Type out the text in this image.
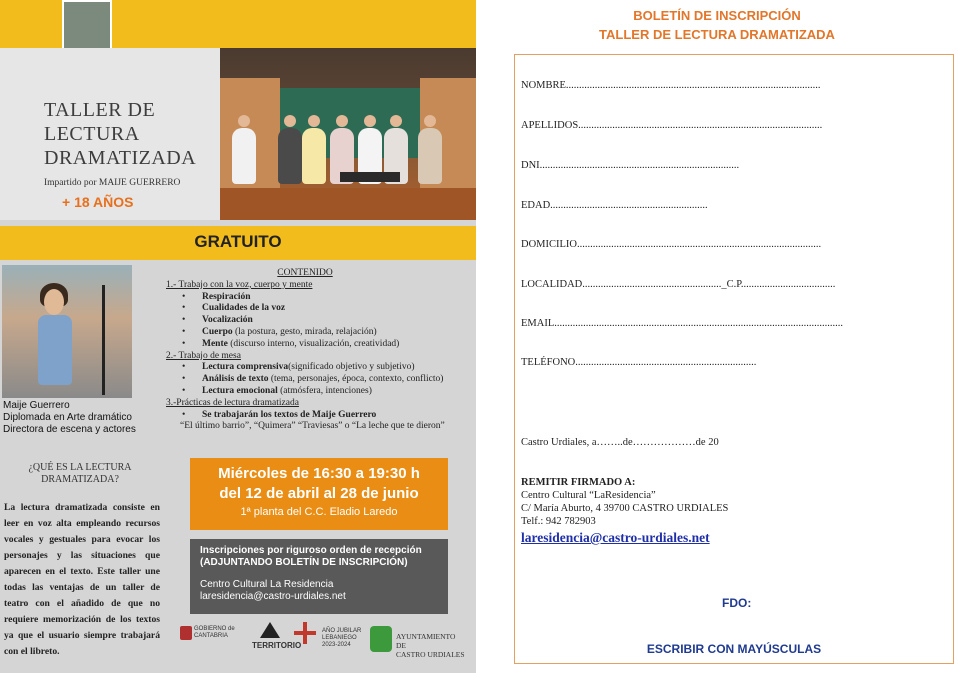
TALLER DE
LECTURA
DRAMATIZADA
Impartido por MAIJE GUERRERO
+ 18 AÑOS
GRATUITO
Maije Guerrero
Diplomada en Arte dramático
Directora de escena y actores
CONTENIDO
1.- Trabajo con la voz, cuerpo y mente
• Respiración
• Cualidades de la voz
• Vocalización
• Cuerpo (la postura, gesto, mirada, relajación)
• Mente (discurso interno, visualización, creatividad)
2.- Trabajo de mesa
• Lectura comprensiva(significado objetivo y subjetivo)
• Análisis de texto (tema, personajes, época, contexto, conflicto)
• Lectura emocional (atmósfera, intenciones)
3.-Prácticas de lectura dramatizada
• Se trabajarán los textos de Maije Guerrero
“El último barrio”, “Quimera” “Traviesas” o “La leche que te dieron”
¿QUÉ ES LA LECTURA DRAMATIZADA?
La lectura dramatizada consiste en leer en voz alta empleando recursos vocales y gestuales para evocar los personajes y las situaciones que aparecen en el texto. Este taller une todas las ventajas de un taller de teatro con el añadido de que no requiere memorización de los textos ya que el usuario siempre trabajará con el libreto.
Miércoles de 16:30 a 19:30 h
del 12 de abril al 28 de junio
1ª planta del C.C. Eladio Laredo
Inscripciones por riguroso orden de recepción
(ADJUNTANDO BOLETÍN DE INSCRIPCIÓN)
Centro Cultural La Residencia
laresidencia@castro-urdiales.net
GOBIERNO de CANTABRIA
TERRITORIO
AÑO JUBILAR LEBANIEGO 2023-2024
AYUNTAMIENTO DE
CASTRO URDIALES
BOLETÍN DE INSCRIPCIÓN
TALLER DE LECTURA DRAMATIZADA
NOMBRE.................................................................................................
APELLIDOS.............................................................................................
DNI............................................................................
EDAD............................................................
DOMICILIO.............................................................................................
LOCALIDAD....................................................._C.P....................................
EMAIL..............................................................................................................
TELÉFONO.....................................................................
Castro Urdiales, a……..de………………de 20
REMITIR FIRMADO A:
Centro Cultural “LaResidencia”
C/ María Aburto, 4 39700 CASTRO URDIALES
Telf.: 942 782903
laresidencia@castro-urdiales.net
FDO:
ESCRIBIR CON MAYÚSCULAS
